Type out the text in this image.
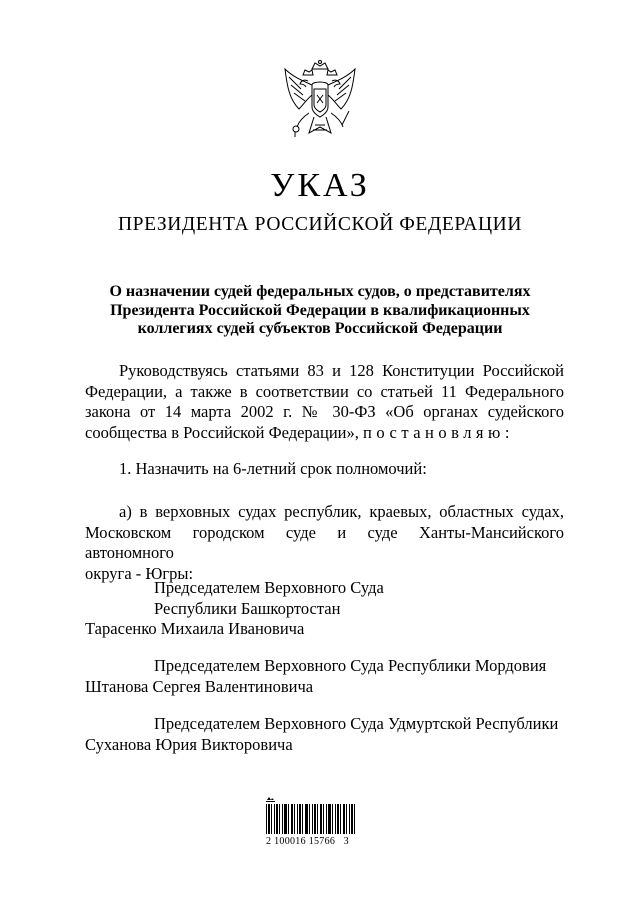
УКАЗ
ПРЕЗИДЕНТА РОССИЙСКОЙ ФЕДЕРАЦИИ
О назначении судей федеральных судов, о представителях
Президента Российской Федерации в квалификационных
коллегиях судей субъектов Российской Федерации
Руководствуясь статьями 83 и 128 Конституции Российской
Федерации, а также в соответствии со статьей 11 Федерального
закона от 14 марта 2002 г. № 30-ФЗ «Об органах судейского
сообщества в Российской Федерации», постановляю:
1. Назначить на 6-летний срок полномочий:
а) в верховных судах республик, краевых, областных судах,
Московском городском суде и суде Ханты-Мансийского автономного
округа - Югры:
Председателем Верховного Суда
Республики Башкортостан
Тарасенко Михаила Ивановича
Председателем Верховного Суда Республики Мордовия
Штанова Сергея Валентиновича
Председателем Верховного Суда Удмуртской Республики
Суханова Юрия Викторовича
2 100016 15766   3
